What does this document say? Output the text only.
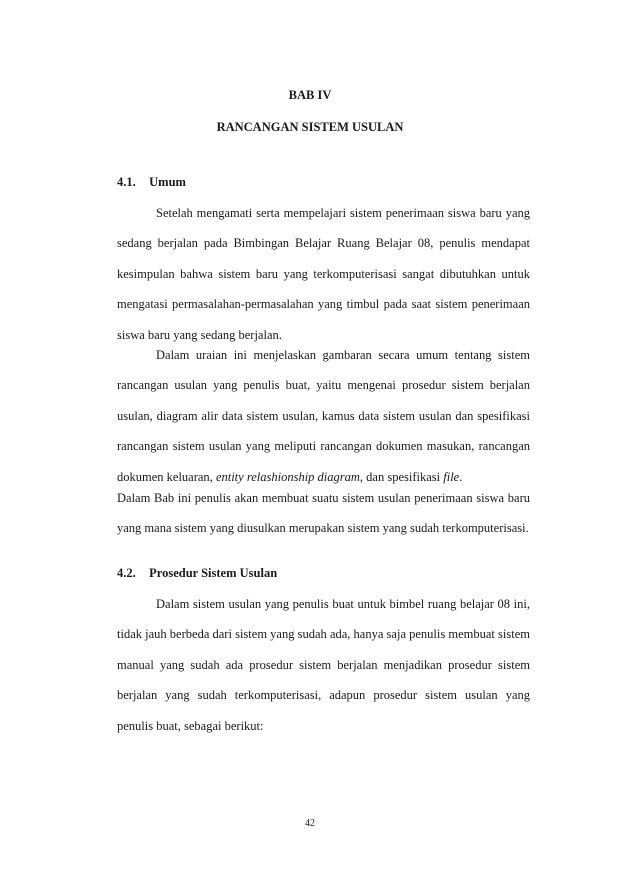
BAB IV
RANCANGAN SISTEM USULAN
4.1. Umum

Setelah mengamati serta mempelajari sistem penerimaan siswa baru yang sedang berjalan pada Bimbingan Belajar Ruang Belajar 08, penulis mendapat kesimpulan bahwa sistem baru yang terkomputerisasi sangat dibutuhkan untuk mengatasi permasalahan-permasalahan yang timbul pada saat sistem penerimaan siswa baru yang sedang berjalan.

Dalam uraian ini menjelaskan gambaran secara umum tentang sistem rancangan usulan yang penulis buat, yaitu mengenai prosedur sistem berjalan usulan, diagram alir data sistem usulan, kamus data sistem usulan dan spesifikasi rancangan sistem usulan yang meliputi rancangan dokumen masukan, rancangan dokumen keluaran, entity relashionship diagram, dan spesifikasi file.

Dalam Bab ini penulis akan membuat suatu sistem usulan penerimaan siswa baru yang mana sistem yang diusulkan merupakan sistem yang sudah terkomputerisasi.

4.2. Prosedur Sistem Usulan

Dalam sistem usulan yang penulis buat untuk bimbel ruang belajar 08 ini, tidak jauh berbeda dari sistem yang sudah ada, hanya saja penulis membuat sistem manual yang sudah ada prosedur sistem berjalan menjadikan prosedur sistem berjalan yang sudah terkomputerisasi, adapun prosedur sistem usulan yang penulis buat, sebagai berikut:

42
